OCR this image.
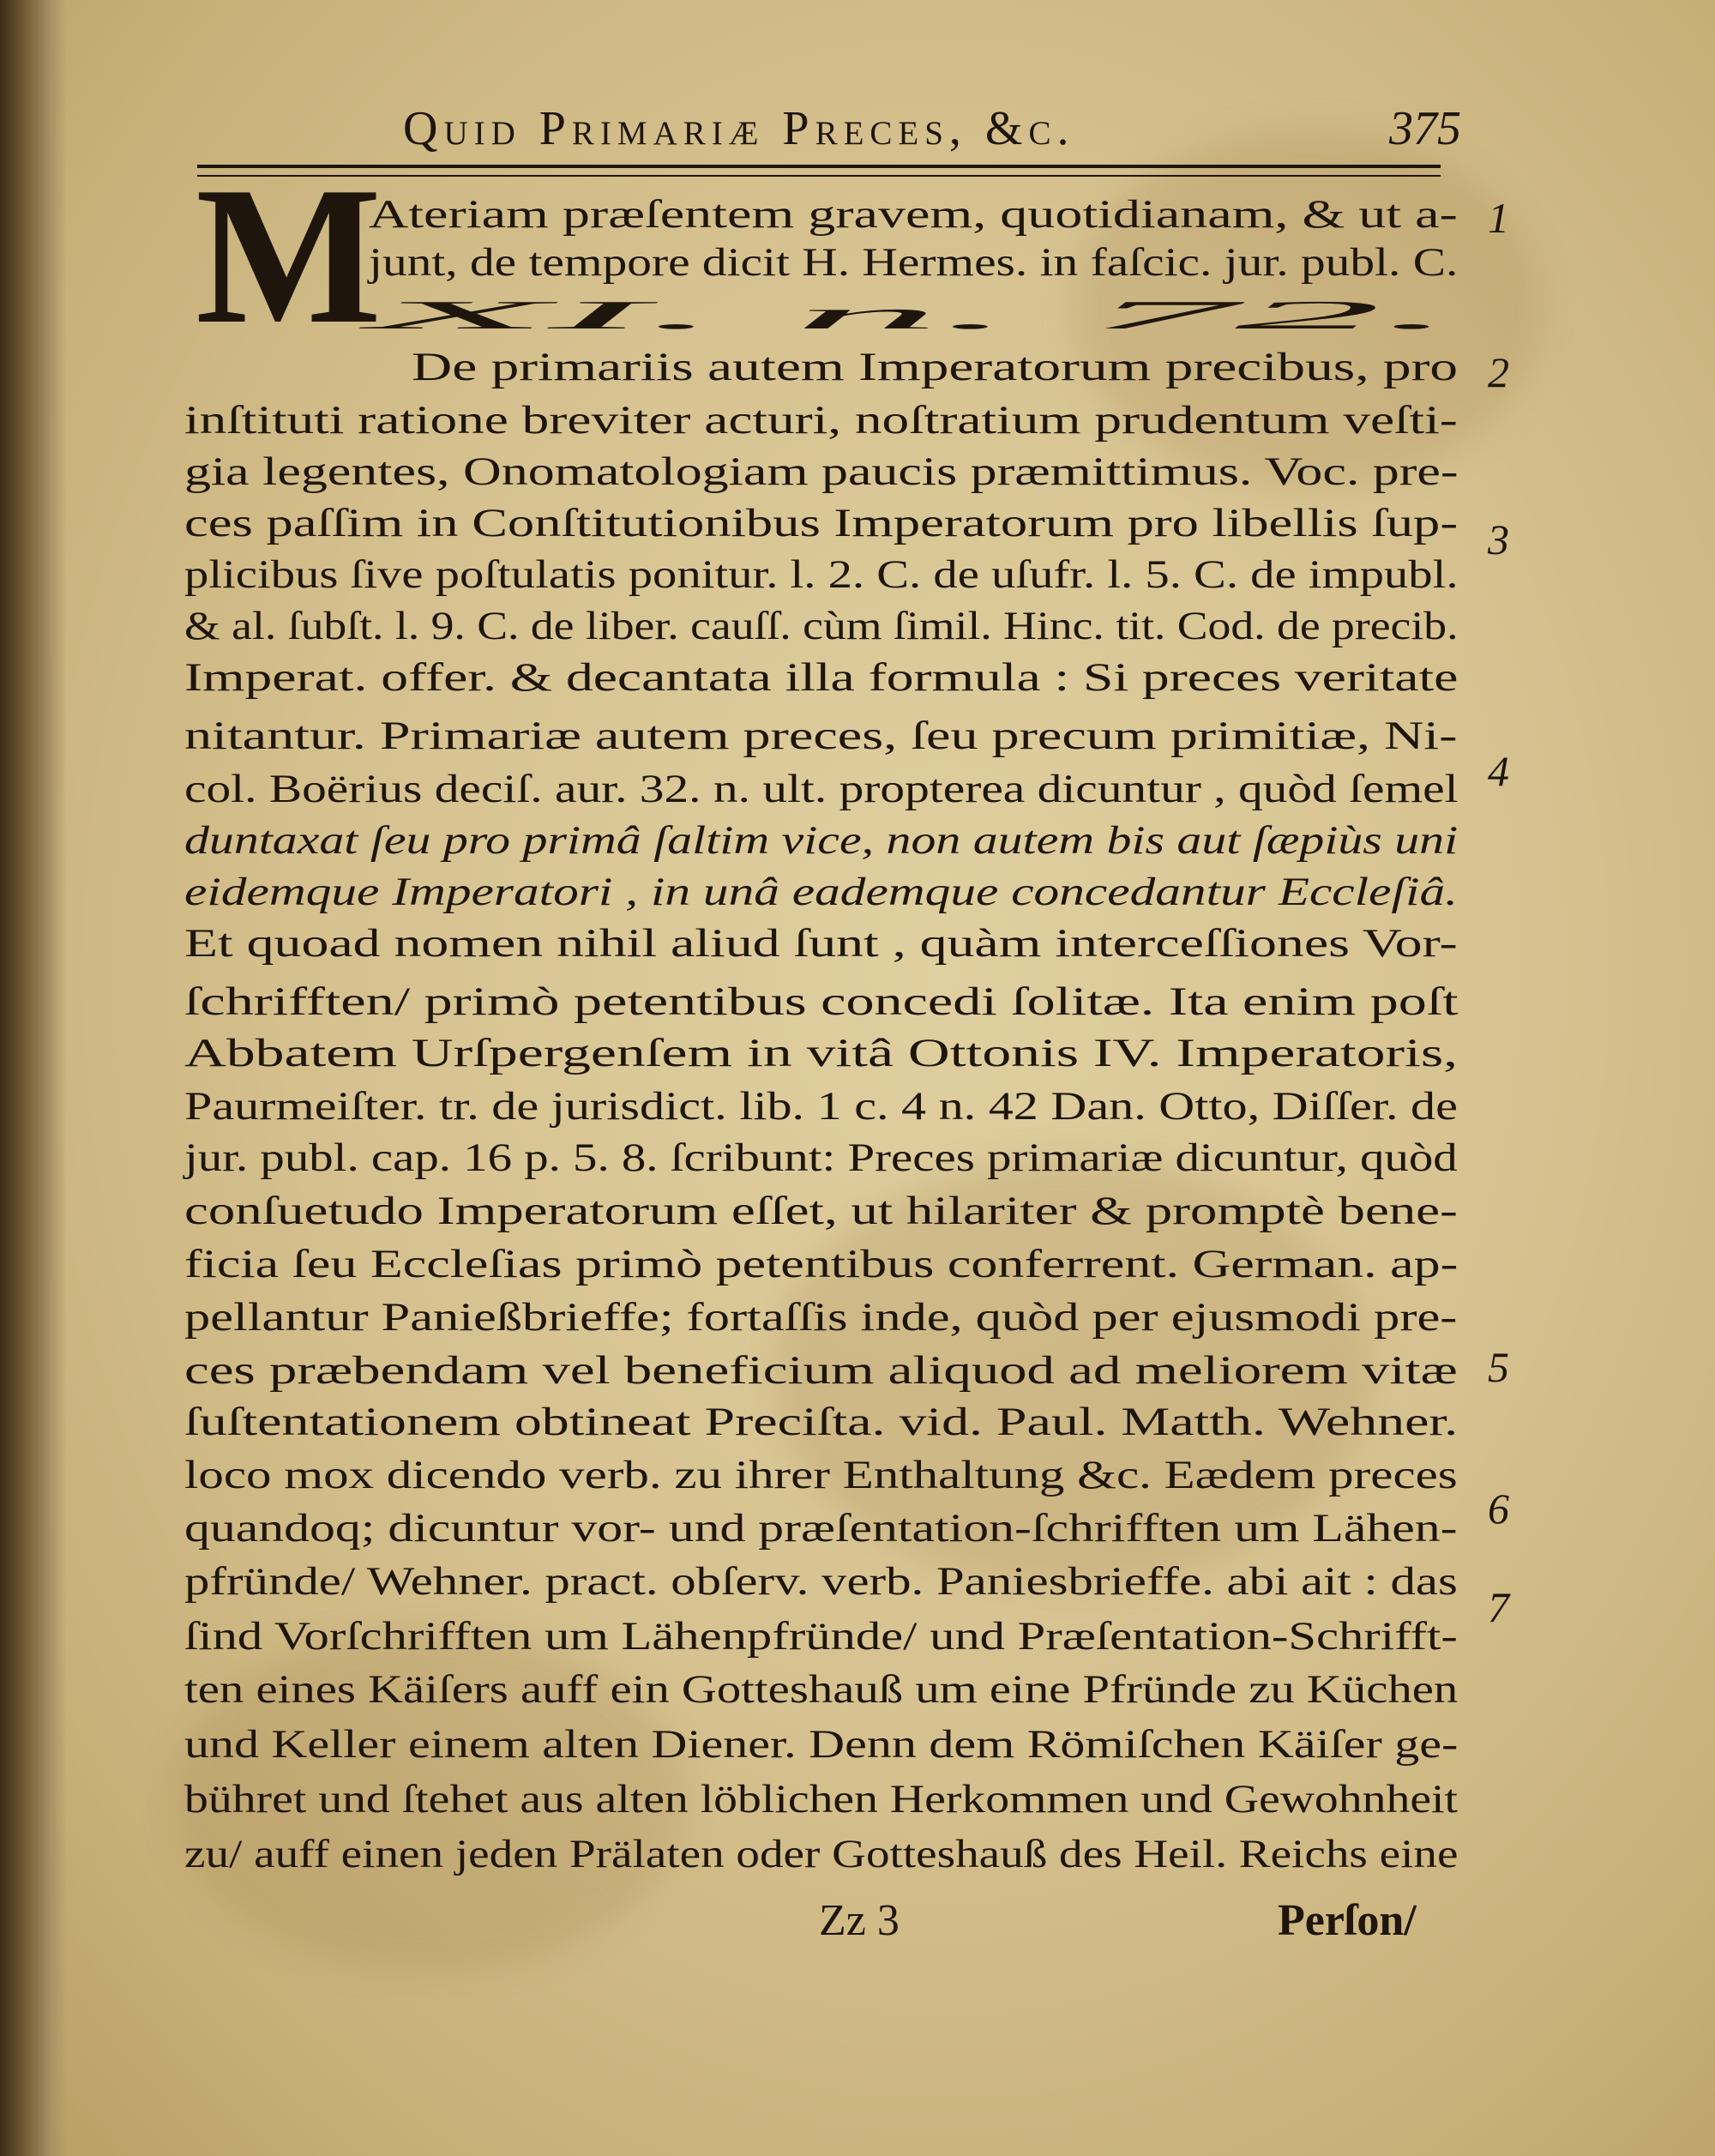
Quid Primariæ Preces, &c.	375
M
Ateriam præſentem gravem, quotidianam, & ut a-
junt, de tempore dicit H. Hermes. in faſcic. jur. publ. C.
XI. n. 72.
De primariis autem Imperatorum precibus, pro
inſtituti ratione breviter acturi, noſtratium prudentum veſti-
gia legentes, Onomatologiam paucis præmittimus. Voc. pre-
ces paſſim in Conſtitutionibus Imperatorum pro libellis ſup-
plicibus ſive poſtulatis ponitur. l. 2. C. de uſufr. l. 5. C. de impubl.
& al. ſubſt. l. 9. C. de liber. cauſſ. cùm ſimil. Hinc. tit. Cod. de precib.
Imperat. offer. & decantata illa formula : Si preces veritate
nitantur. Primariæ autem preces, ſeu precum primitiæ, Ni-
col. Boërius deciſ. aur. 32. n. ult. propterea dicuntur , quòd ſemel
duntaxat ſeu pro primâ ſaltim vice, non autem bis aut ſæpiùs uni
eidemque Imperatori , in unâ eademque concedantur Eccleſiâ.
Et quoad nomen nihil aliud ſunt , quàm interceſſiones Vor-
ſchrifften/ primò petentibus concedi ſolitæ. Ita enim poſt
Abbatem Urſpergenſem in vitâ Ottonis IV. Imperatoris,
Paurmeiſter. tr. de jurisdict. lib. 1 c. 4 n. 42 Dan. Otto, Diſſer. de
jur. publ. cap. 16 p. 5. 8. ſcribunt: Preces primariæ dicuntur, quòd
conſuetudo Imperatorum eſſet, ut hilariter & promptè bene-
ficia ſeu Eccleſias primò petentibus conferrent. German. ap-
pellantur Panießbrieffe; fortaſſis inde, quòd per ejusmodi pre-
ces præbendam vel beneficium aliquod ad meliorem vitæ
ſuſtentationem obtineat Preciſta. vid. Paul. Matth. Wehner.
loco mox dicendo verb. zu ihrer Enthaltung &c. Eædem preces
quandoq; dicuntur vor- und præſentation-ſchrifften um Lähen-
pfründe/ Wehner. pract. obſerv. verb. Paniesbrieffe. abi ait : das
ſind Vorſchrifften um Lähenpfründe/ und Præſentation-Schrifft-
ten eines Käiſers auff ein Gotteshauß um eine Pfründe zu Küchen
und Keller einem alten Diener. Denn dem Römiſchen Käiſer ge-
bühret und ſtehet aus alten löblichen Herkommen und Gewohnheit
zu/ auff einen jeden Prälaten oder Gotteshauß des Heil. Reichs eine
1
2
3
4
5
6
7
Zz 3	Perſon/
